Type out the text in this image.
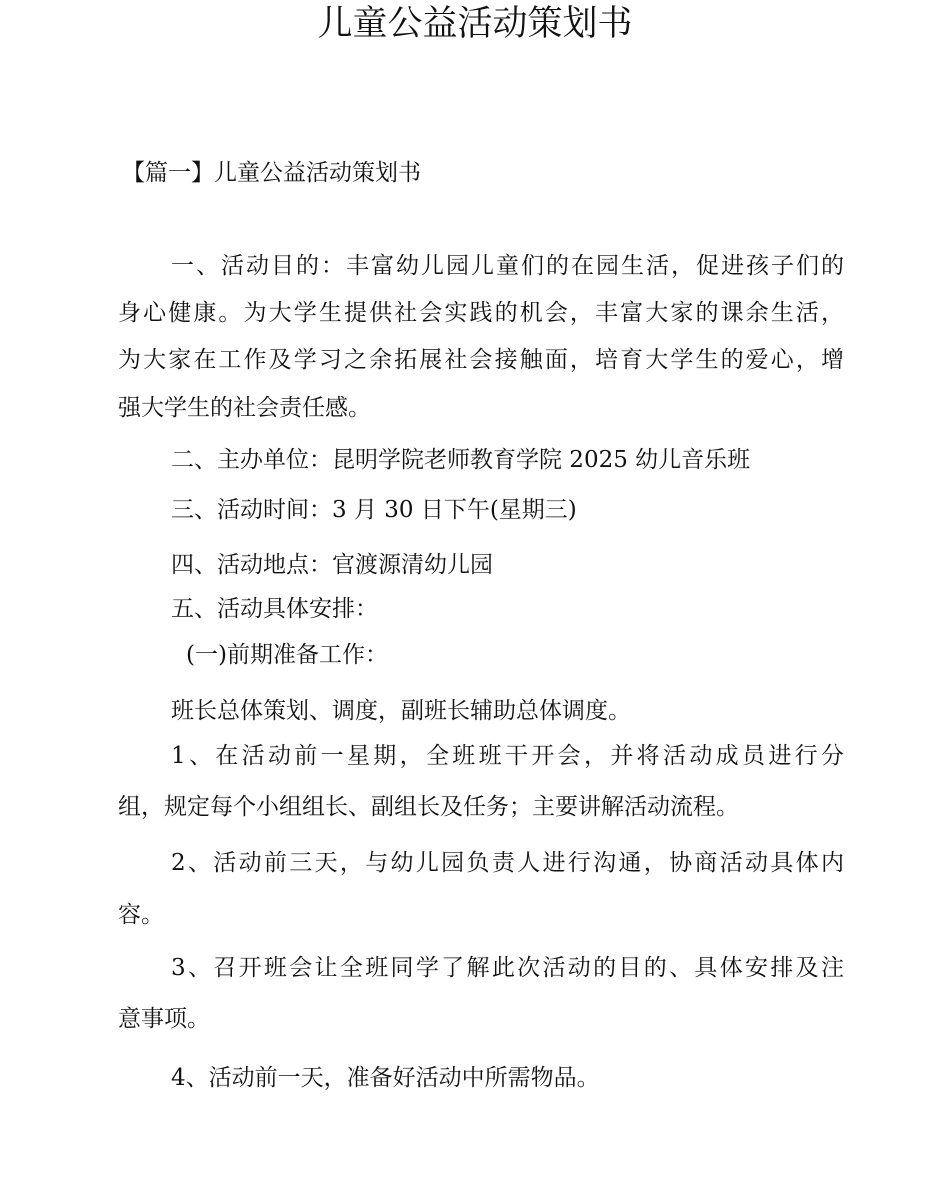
儿童公益活动策划书
【篇一】儿童公益活动策划书
一、活动目的：丰富幼儿园儿童们的在园生活，促进孩子们的
身心健康。为大学生提供社会实践的机会，丰富大家的课余生活，
为大家在工作及学习之余拓展社会接触面，培育大学生的爱心，增
强大学生的社会责任感。
二、主办单位：昆明学院老师教育学院 2025 幼儿音乐班
三、活动时间：3 月 30 日下午(星期三)
四、活动地点：官渡源清幼儿园
五、活动具体安排：
(一)前期准备工作：
班长总体策划、调度，副班长辅助总体调度。
1、在活动前一星期，全班班干开会，并将活动成员进行分
组，规定每个小组组长、副组长及任务；主要讲解活动流程。
2、活动前三天，与幼儿园负责人进行沟通，协商活动具体内
容。
3、召开班会让全班同学了解此次活动的目的、具体安排及注
意事项。
4、活动前一天，准备好活动中所需物品。
